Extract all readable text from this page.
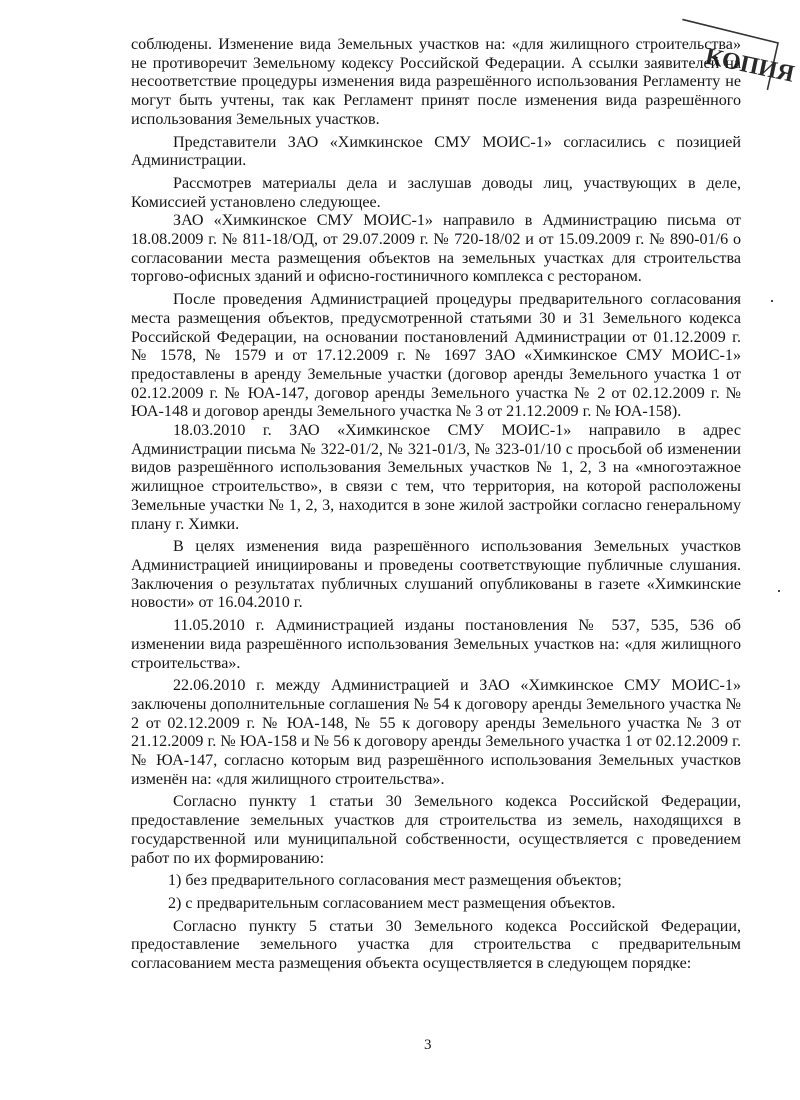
КОПИЯ

соблюдены. Изменение вида Земельных участков на: «для жилищного строительства» не противоречит Земельному кодексу Российской Федерации. А ссылки заявителей на несоответствие процедуры изменения вида разрешённого использования Регламенту не могут быть учтены, так как Регламент принят после изменения вида разрешённого использования Земельных участков.

Представители ЗАО «Химкинское СМУ МОИС-1» согласились с позицией Администрации.

Рассмотрев материалы дела и заслушав доводы лиц, участвующих в деле, Комиссией установлено следующее.

ЗАО «Химкинское СМУ МОИС-1» направило в Администрацию письма от 18.08.2009 г. № 811-18/ОД, от 29.07.2009 г. № 720-18/02 и от 15.09.2009 г. № 890-01/6 о согласовании места размещения объектов на земельных участках для строительства торгово-офисных зданий и офисно-гостиничного комплекса с рестораном.

После проведения Администрацией процедуры предварительного согласования места размещения объектов, предусмотренной статьями 30 и 31 Земельного кодекса Российской Федерации, на основании постановлений Администрации от 01.12.2009 г. № 1578, № 1579 и от 17.12.2009 г. № 1697 ЗАО «Химкинское СМУ МОИС-1» предоставлены в аренду Земельные участки (договор аренды Земельного участка 1 от 02.12.2009 г. № ЮА-147, договор аренды Земельного участка № 2 от 02.12.2009 г. № ЮА-148 и договор аренды Земельного участка № 3 от 21.12.2009 г. № ЮА-158).

18.03.2010 г. ЗАО «Химкинское СМУ МОИС-1» направило в адрес Администрации письма № 322-01/2, № 321-01/3, № 323-01/10 с просьбой об изменении видов разрешённого использования Земельных участков № 1, 2, 3 на «многоэтажное жилищное строительство», в связи с тем, что территория, на которой расположены Земельные участки № 1, 2, 3, находится в зоне жилой застройки согласно генеральному плану г. Химки.

В целях изменения вида разрешённого использования Земельных участков Администрацией инициированы и проведены соответствующие публичные слушания. Заключения о результатах публичных слушаний опубликованы в газете «Химкинские новости» от 16.04.2010 г.

11.05.2010 г. Администрацией изданы постановления № 537, 535, 536 об изменении вида разрешённого использования Земельных участков на: «для жилищного строительства».

22.06.2010 г. между Администрацией и ЗАО «Химкинское СМУ МОИС-1» заключены дополнительные соглашения № 54 к договору аренды Земельного участка № 2 от 02.12.2009 г. № ЮА-148, № 55 к договору аренды Земельного участка № 3 от 21.12.2009 г. № ЮА-158 и № 56 к договору аренды Земельного участка 1 от 02.12.2009 г. № ЮА-147, согласно которым вид разрешённого использования Земельных участков изменён на: «для жилищного строительства».

Согласно пункту 1 статьи 30 Земельного кодекса Российской Федерации, предоставление земельных участков для строительства из земель, находящихся в государственной или муниципальной собственности, осуществляется с проведением работ по их формированию:

1) без предварительного согласования мест размещения объектов;

2) с предварительным согласованием мест размещения объектов.

Согласно пункту 5 статьи 30 Земельного кодекса Российской Федерации, предоставление земельного участка для строительства с предварительным согласованием места размещения объекта осуществляется в следующем порядке:

3
